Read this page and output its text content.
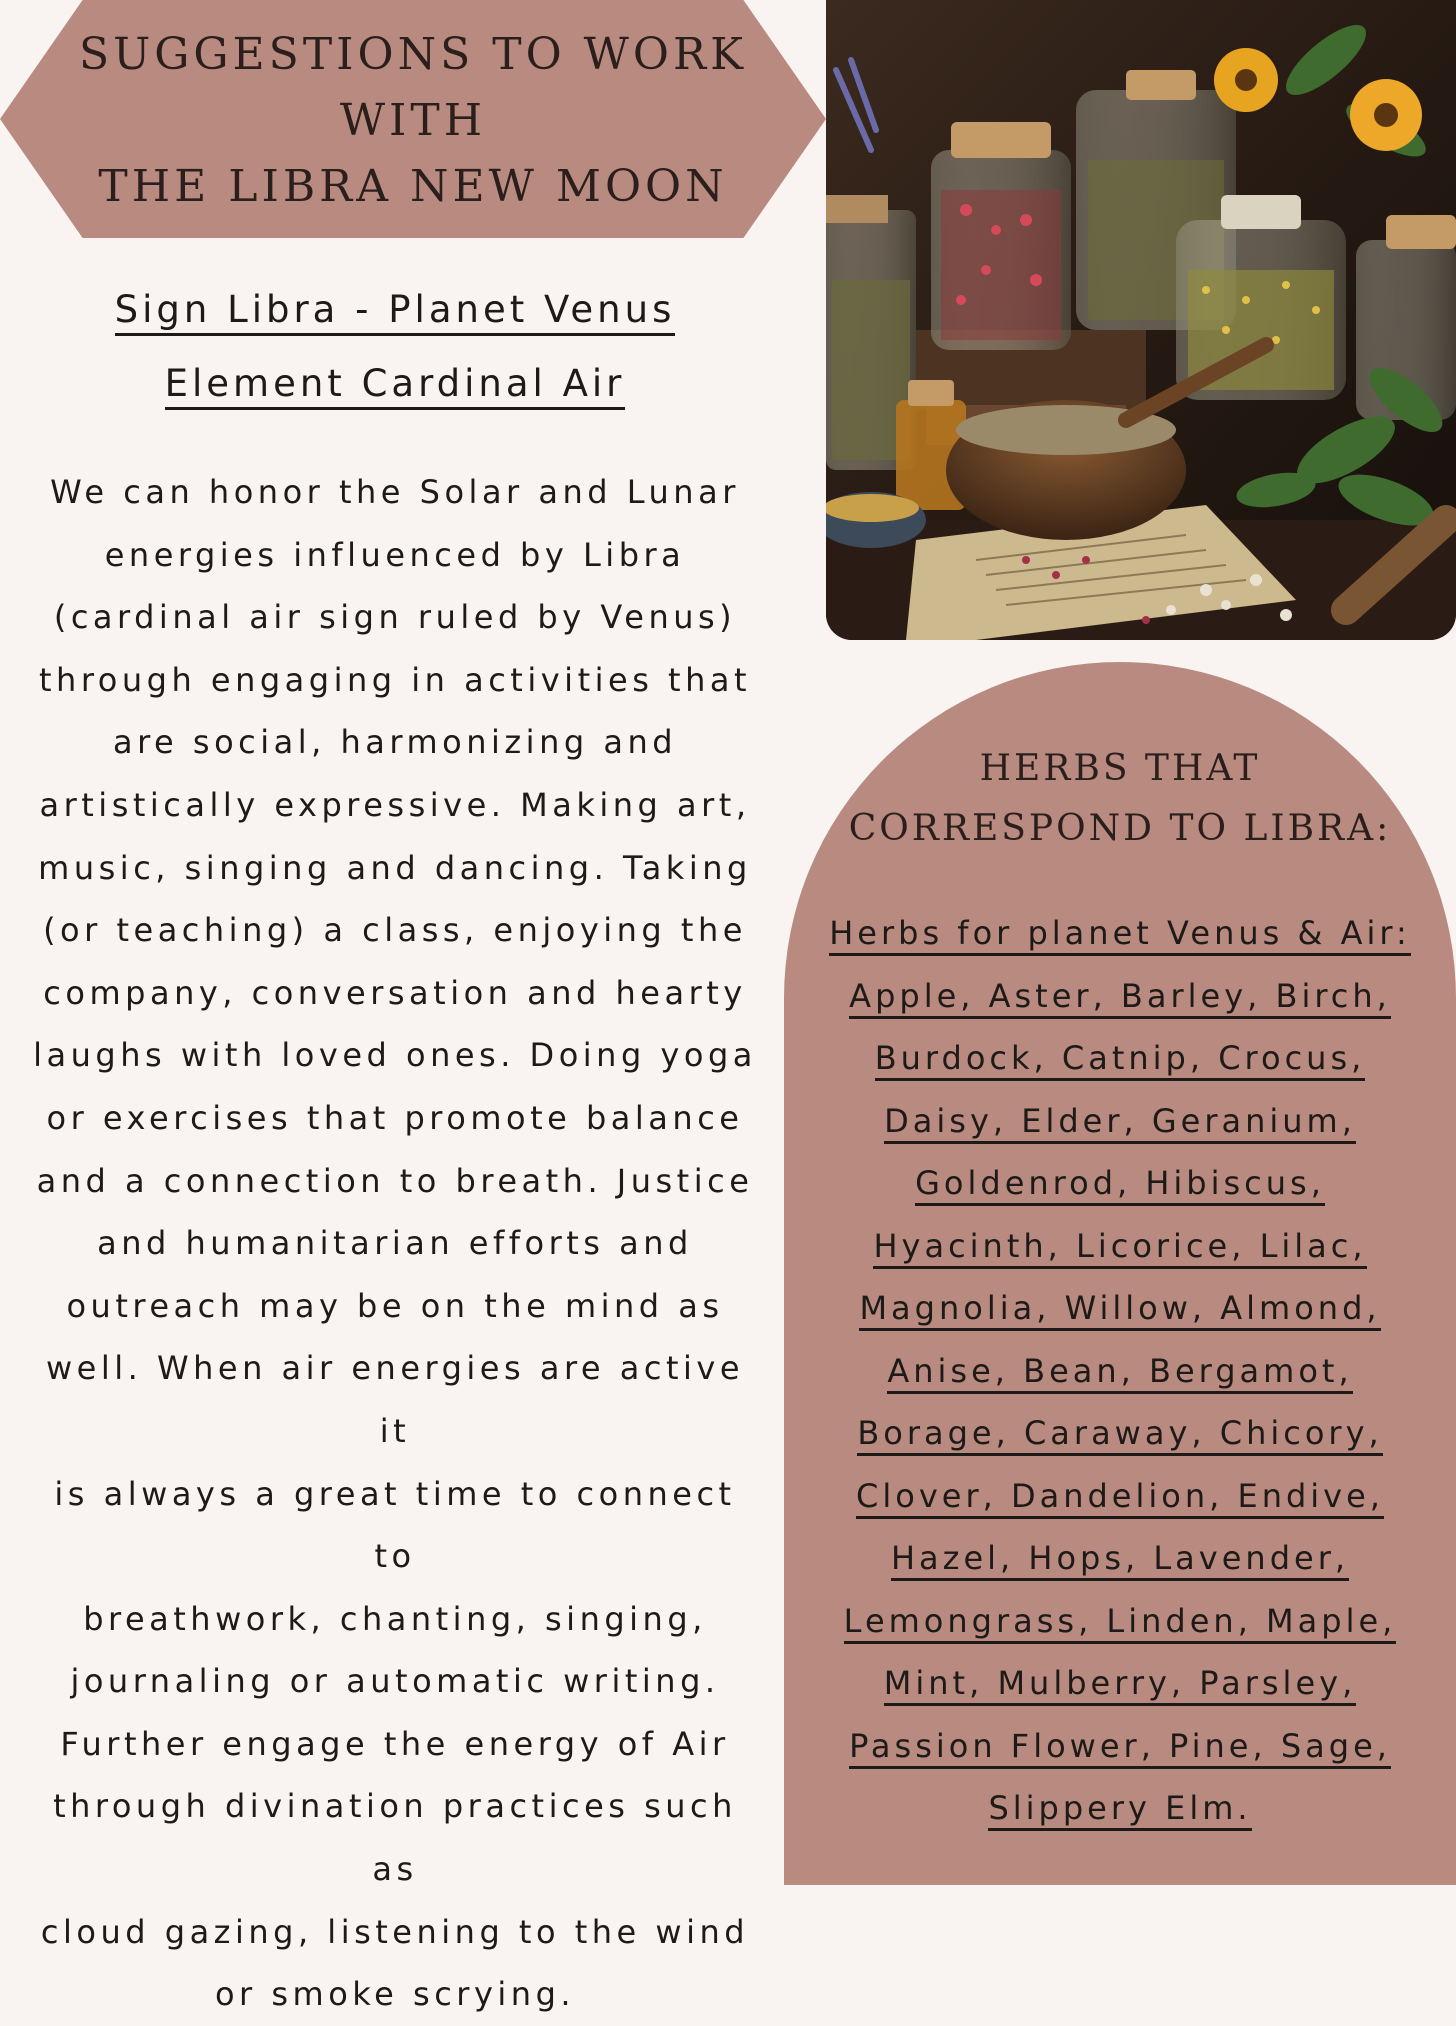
SUGGESTIONS TO WORK
WITH
THE LIBRA NEW MOON
Sign Libra - Planet Venus
Element Cardinal Air

We can honor the Solar and Lunar
energies influenced by Libra
(cardinal air sign ruled by Venus)
through engaging in activities that
are social, harmonizing and
artistically expressive. Making art,
music, singing and dancing. Taking
(or teaching) a class, enjoying the
company, conversation and hearty
laughs with loved ones. Doing yoga
or exercises that promote balance
and a connection to breath. Justice
and humanitarian efforts and
outreach may be on the mind as
well. When air energies are active it
is always a great time to connect to
breathwork, chanting, singing,
journaling or automatic writing.
Further engage the energy of Air
through divination practices such as
cloud gazing, listening to the wind
or smoke scrying.

HERBS THAT
CORRESPOND TO LIBRA:

Herbs for planet Venus & Air:
Apple, Aster, Barley, Birch,
Burdock, Catnip, Crocus,
Daisy, Elder, Geranium,
Goldenrod, Hibiscus,
Hyacinth, Licorice, Lilac,
Magnolia, Willow, Almond,
Anise, Bean, Bergamot,
Borage, Caraway, Chicory,
Clover, Dandelion, Endive,
Hazel, Hops, Lavender,
Lemongrass, Linden, Maple,
Mint, Mulberry, Parsley,
Passion Flower, Pine, Sage,
Slippery Elm.
